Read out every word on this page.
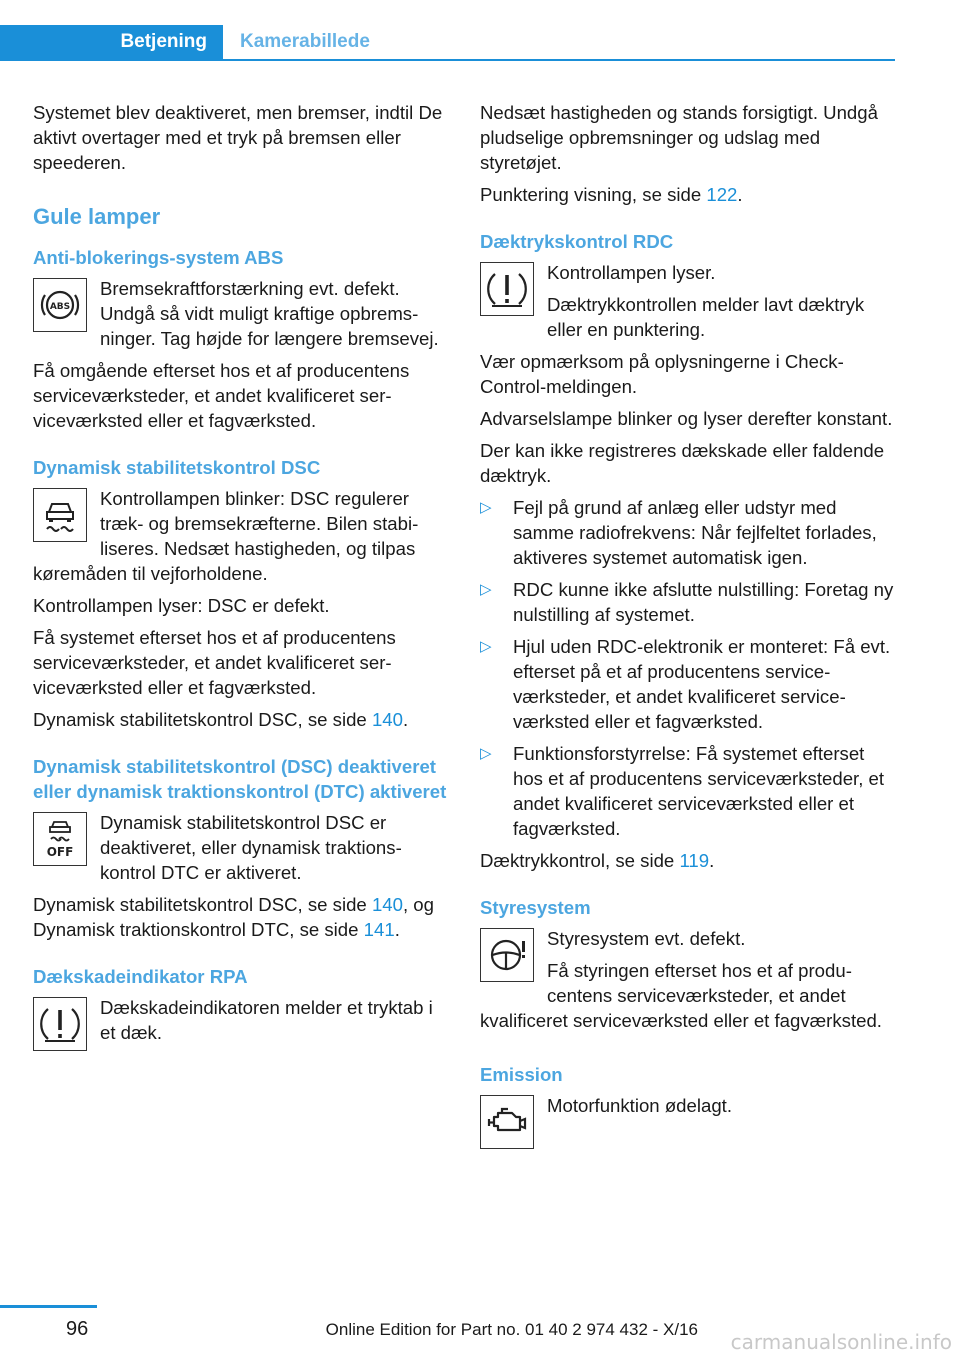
Betjening Kamerabillede

Systemet blev deaktiveret, men bremser, indtil De aktivt overtager med et tryk på bremsen eller speederen.

Gule lamper
Anti-blokerings-system ABS
ABS

Bremsekraftforstærkning evt. defekt. Undgå så vidt muligt kraftige opbremsninger. Tag højde for længere bremsevej.

Få omgående efterset hos et af producentens serviceværksteder, et andet kvalificeret serviceværksted eller et fagværksted.

Dynamisk stabilitetskontrol DSC

Kontrollampen blinker: DSC regulerer træk- og bremsekræfterne. Bilen stabiliseres. Nedsæt hastigheden, og tilpas køremåden til vejforholdene.

Kontrollampen lyser: DSC er defekt.

Få systemet efterset hos et af producentens serviceværksteder, et andet kvalificeret serviceværksted eller et fagværksted.

Dynamisk stabilitetskontrol DSC, se side 140.

Dynamisk stabilitetskontrol (DSC) deaktiveret eller dynamisk traktionskontrol (DTC) aktiveret
OFF

Dynamisk stabilitetskontrol DSC er deaktiveret, eller dynamisk traktionskontrol DTC er aktiveret.

Dynamisk stabilitetskontrol DSC, se side 140, og Dynamisk traktionskontrol DTC, se side 141.

Dækskadeindikator RPA

Dækskadeindikatoren melder et tryktab i et dæk.

Nedsæt hastigheden og stands forsigtigt. Undgå pludselige opbremsninger og udslag med styretøjet.

Punktering visning, se side 122.

Dæktrykskontrol RDC

Kontrollampen lyser.

Dæktrykkontrollen melder lavt dæktryk eller en punktering.

Vær opmærksom på oplysningerne i Check-Control-meldingen.

Advarselslampe blinker og lyser derefter konstant.

Der kan ikke registreres dækskade eller faldende dæktryk.

▷ Fejl på grund af anlæg eller udstyr med samme radiofrekvens: Når fejlfeltet forlades, aktiveres systemet automatisk igen.
▷ RDC kunne ikke afslutte nulstilling: Foretag ny nulstilling af systemet.
▷ Hjul uden RDC-elektronik er monteret: Få evt. efterset på et af producentens serviceværksteder, et andet kvalificeret serviceværksted eller et fagværksted.
▷ Funktionsforstyrrelse: Få systemet efterset hos et af producentens serviceværksteder, et andet kvalificeret serviceværksted eller et fagværksted.

Dæktrykkontrol, se side 119.

Styresystem

Styresystem evt. defekt.

Få styringen efterset hos et af producentens serviceværksteder, et andet kvalificeret serviceværksted eller et fagværksted.

Emission

Motorfunktion ødelagt.

96	Online Edition for Part no. 01 40 2 974 432 - X/16
carmanualsonline.info
